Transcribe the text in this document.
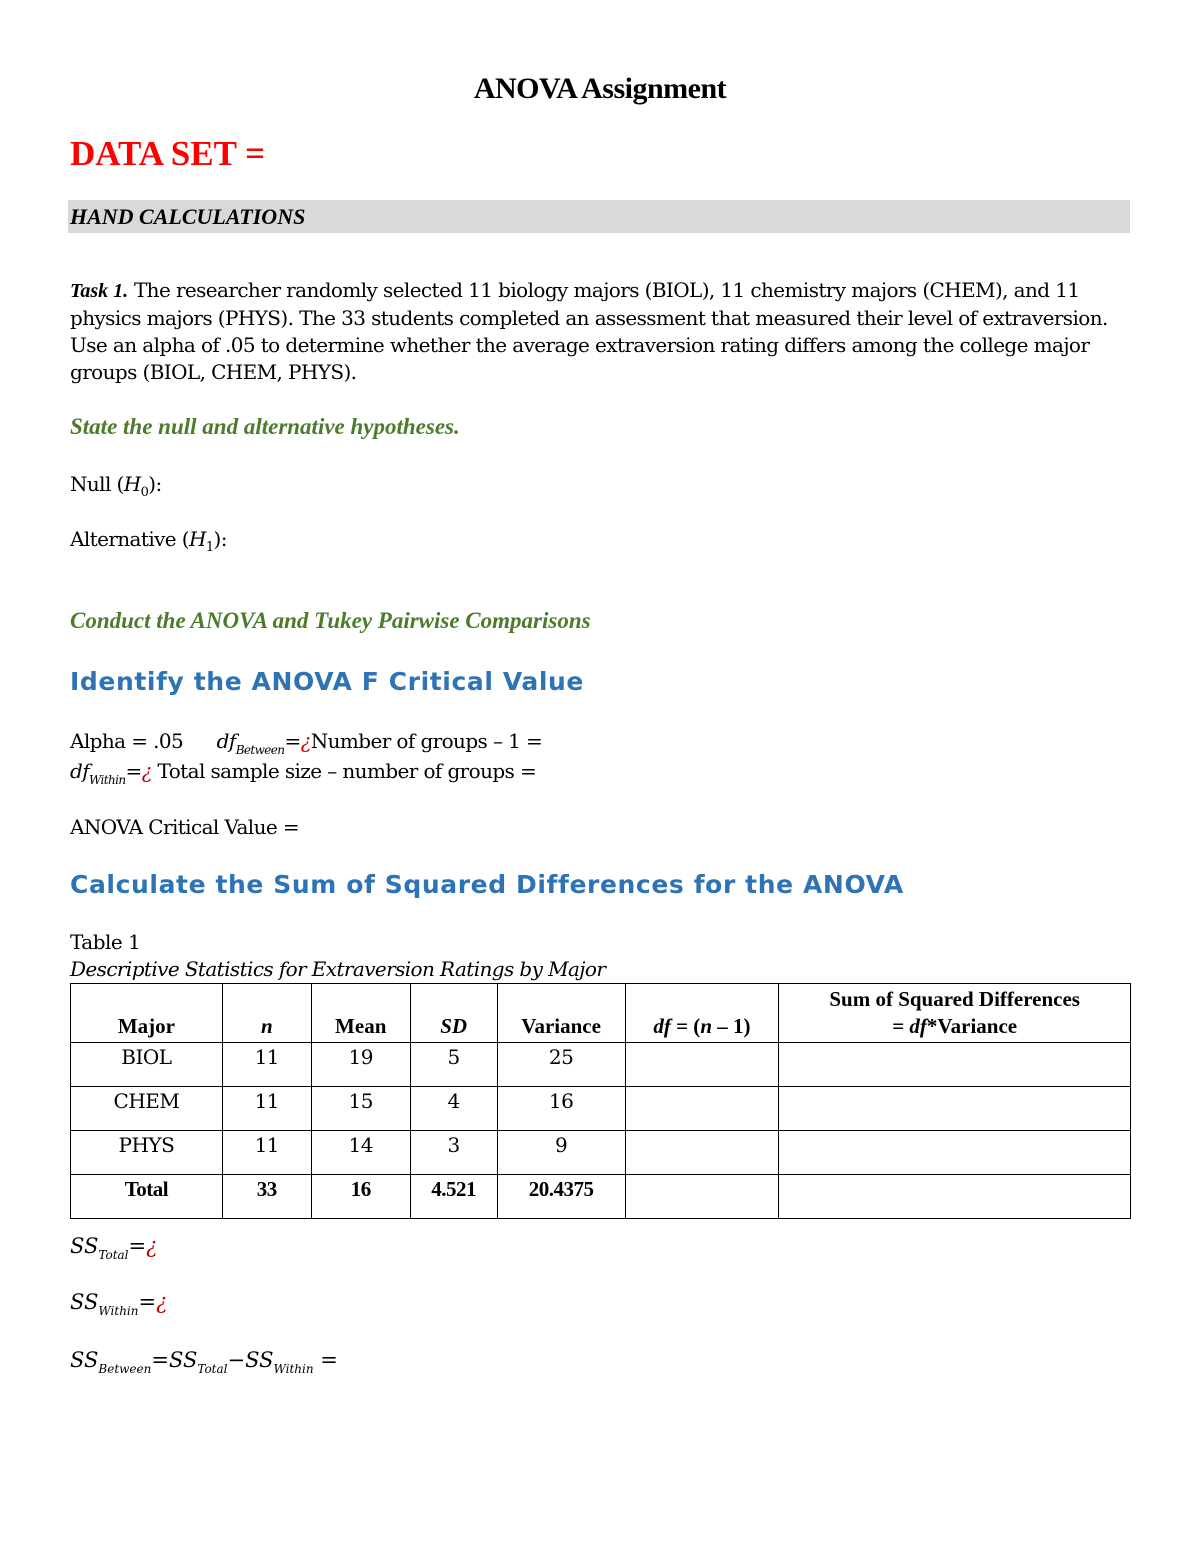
ANOVA Assignment
DATA SET =
HAND CALCULATIONS
Task 1. The researcher randomly selected 11 biology majors (BIOL), 11 chemistry majors (CHEM), and 11 physics majors (PHYS). The 33 students completed an assessment that measured their level of extraversion. Use an alpha of .05 to determine whether the average extraversion rating differs among the college major groups (BIOL, CHEM, PHYS).
State the null and alternative hypotheses.
Null $(H_0)$:
Alternative $(H_1)$:
Conduct the ANOVA and Tukey Pairwise Comparisons
Identify the ANOVA F Critical Value
Alpha = .05 $df_{Between}=¿Number$ of groups – 1 =
$df_{Within}=¿$ Total sample size – number of groups =
ANOVA Critical Value =
Calculate the Sum of Squared Differences for the ANOVA
Table 1
Descriptive Statistics for Extraversion Ratings by Major
Major	n	Mean	SD	Variance	df = (n – 1)	Sum of Squared Differences
= df*Variance
BIOL	11	19	5	25		
CHEM	11	15	4	16		
PHYS	11	14	3	9		
Total	33	16	4.521	20.4375		
$SS_{Total}=¿$
$SS_{Within}=¿$
$SS_{Between}=SS_{Total}-SS_{Within}$ =
